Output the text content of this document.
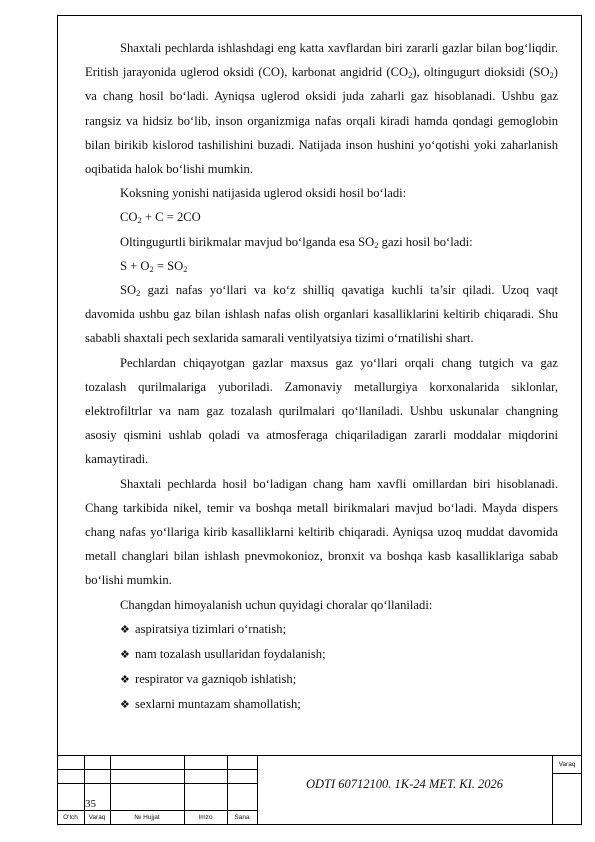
Shaxtali pechlarda ishlashdagi eng katta xavflardan biri zararli gazlar bilan bog‘liqdir. Eritish jarayonida uglerod oksidi (CO), karbonat angidrid $(CO_2)$, oltingugurt dioksidi $(SO_2)$ va chang hosil bo‘ladi. Ayniqsa uglerod oksidi juda zaharli gaz hisoblanadi. Ushbu gaz rangsiz va hidsiz bo‘lib, inson organizmiga nafas orqali kiradi hamda qondagi gemoglobin bilan birikib kislorod tashilishini buzadi. Natijada inson hushini yo‘qotishi yoki zaharlanish oqibatida halok bo‘lishi mumkin.

Koksning yonishi natijasida uglerod oksidi hosil bo‘ladi:

$CO_2 + C = 2CO$

Oltingugurtli birikmalar mavjud bo‘lganda esa $SO_2$ gazi hosil bo‘ladi:

$S + O_2 = SO_2$

$SO_2$ gazi nafas yo‘llari va ko‘z shilliq qavatiga kuchli ta’sir qiladi. Uzoq vaqt davomida ushbu gaz bilan ishlash nafas olish organlari kasalliklarini keltirib chiqaradi. Shu sababli shaxtali pech sexlarida samarali ventilyatsiya tizimi o‘rnatilishi shart.

Pechlardan chiqayotgan gazlar maxsus gaz yo‘llari orqali chang tutgich va gaz tozalash qurilmalariga yuboriladi. Zamonaviy metallurgiya korxonalarida siklonlar, elektrofiltrlar va nam gaz tozalash qurilmalari qo‘llaniladi. Ushbu uskunalar changning asosiy qismini ushlab qoladi va atmosferaga chiqariladigan zararli moddalar miqdorini kamaytiradi.

Shaxtali pechlarda hosil bo‘ladigan chang ham xavfli omillardan biri hisoblanadi. Chang tarkibida nikel, temir va boshqa metall birikmalari mavjud bo‘ladi. Mayda dispers chang nafas yo‘llariga kirib kasalliklarni keltirib chiqaradi. Ayniqsa uzoq muddat davomida metall changlari bilan ishlash pnevmokonioz, bronxit va boshqa kasb kasalliklariga sabab bo‘lishi mumkin.

Changdan himoyalanish uchun quyidagi choralar qo‘llaniladi:

❖ aspiratsiya tizimlari o‘rnatish;
❖ nam tozalash usullaridan foydalanish;
❖ respirator va gazniqob ishlatish;
❖ sexlarni muntazam shamollatish;
O‘lch	Varaq	№ Hujjat	Imzo	Sana
35
ODTI 60712100. 1K-24 MET. KI. 2026
Varaq
